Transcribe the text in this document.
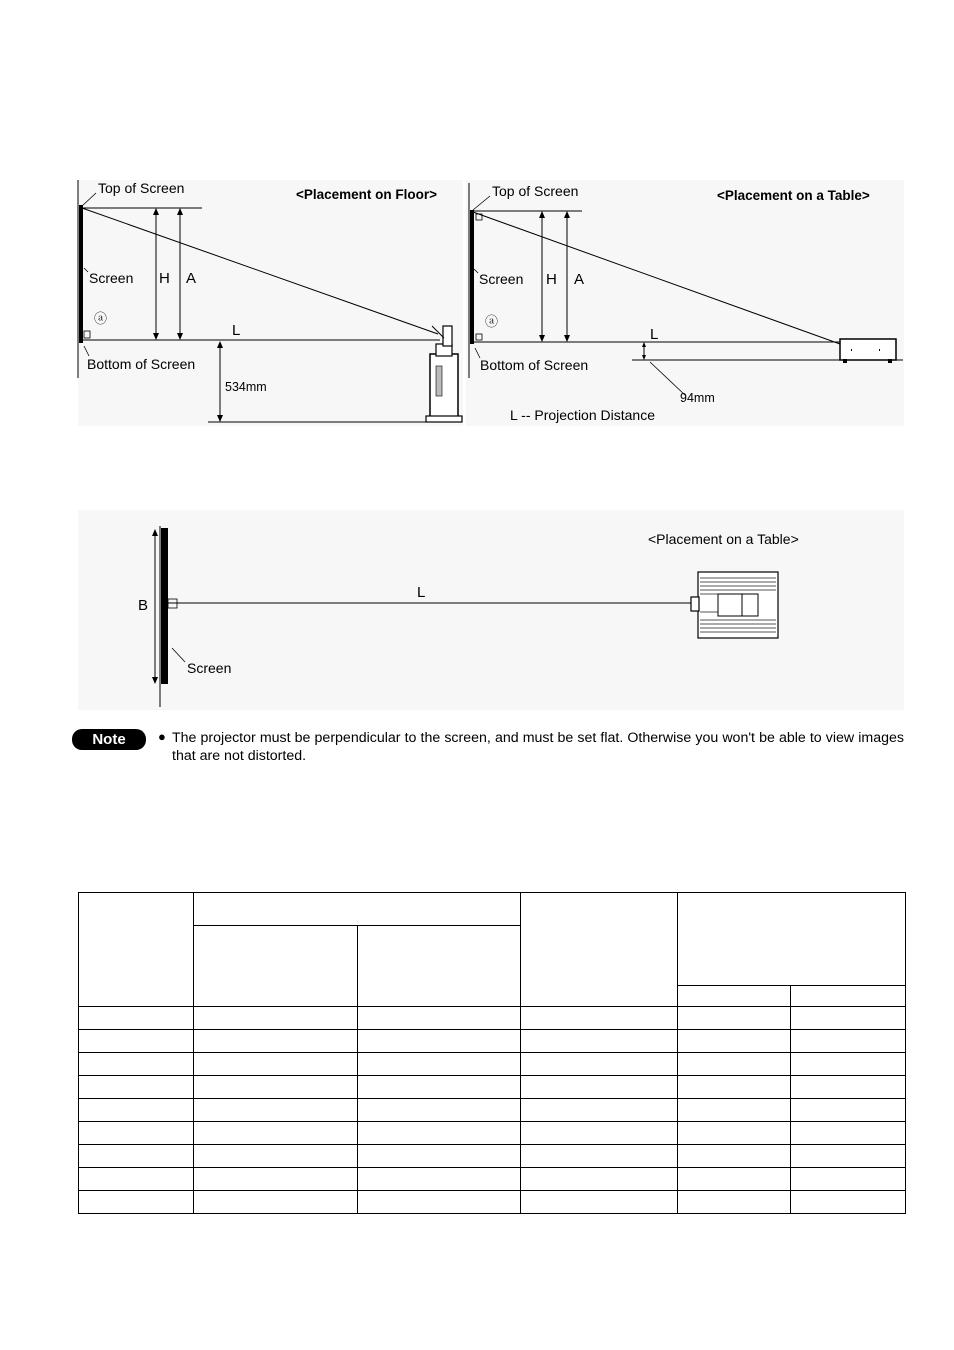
Top of Screen	<Placement on Floor>
Screen H A
ⓐ
L
Bottom of Screen
534mm
Top of Screen	<Placement on a Table>
Screen H A
ⓐ
L
Bottom of Screen
94mm
L -- Projection Distance
<Placement on a Table>
B
L
Screen
Note	● The projector must be perpendicular to the screen, and must be set flat. Otherwise you won't be able to view images that are not distorted.
